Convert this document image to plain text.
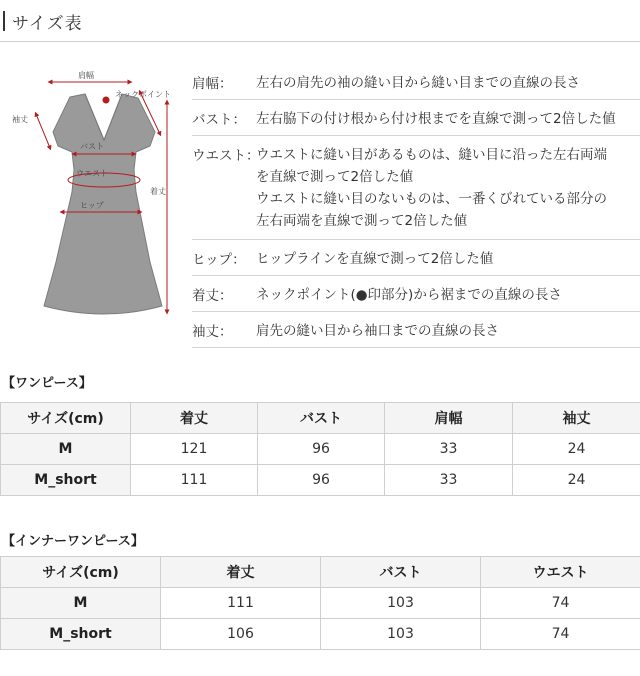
サイズ表
肩幅
ネックポイント
袖丈
バスト
ウエスト
ヒップ
着丈
肩幅： 左右の肩先の袖の縫い目から縫い目までの直線の長さ
バスト： 左右脇下の付け根から付け根までを直線で測って2倍した値
ウエスト：
ウエストに縫い目があるものは、縫い目に沿った左右両端
を直線で測って2倍した値
ウエストに縫い目のないものは、一番くびれている部分の
左右両端を直線で測って2倍した値
ヒップ： ヒップラインを直線で測って2倍した値
着丈： ネックポイント(●印部分)から裾までの直線の長さ
袖丈： 肩先の縫い目から袖口までの直線の長さ
【ワンピース】
サイズ(cm)	着丈	バスト	肩幅	袖丈
M	121	96	33	24
M_short	111	96	33	24
【インナーワンピース】
サイズ(cm)	着丈	バスト	ウエスト
M	111	103	74
M_short	106	103	74
